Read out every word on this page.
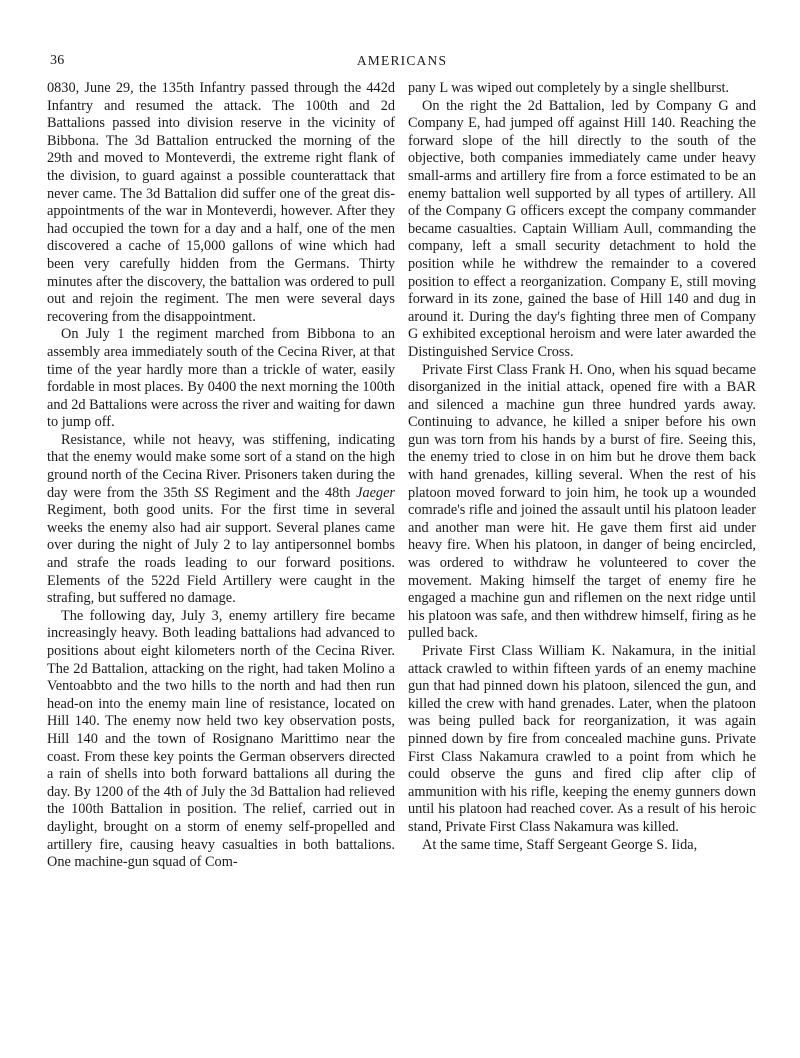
36	AMERICANS

0830, June 29, the 135th Infantry passed through the 442d Infantry and resumed the attack. The 100th and 2d Battalions passed into division reserve in the vicinity of Bibbona. The 3d Battalion entrucked the morning of the 29th and moved to Monteverdi, the extreme right flank of the division, to guard against a possible counterattack that never came. The 3d Battalion did suffer one of the great disappointments of the war in Monteverdi, however. After they had occupied the town for a day and a half, one of the men discovered a cache of 15,000 gallons of wine which had been very carefully hidden from the Germans. Thirty minutes after the discovery, the battalion was ordered to pull out and rejoin the regiment. The men were several days recovering from the disappointment.

On July 1 the regiment marched from Bibbona to an assembly area immediately south of the Cecina River, at that time of the year hardly more than a trickle of water, easily fordable in most places. By 0400 the next morning the 100th and 2d Battalions were across the river and waiting for dawn to jump off.

Resistance, while not heavy, was stiffening, indicating that the enemy would make some sort of a stand on the high ground north of the Cecina River. Prisoners taken during the day were from the 35th SS Regiment and the 48th Jaeger Regiment, both good units. For the first time in several weeks the enemy also had air support. Several planes came over during the night of July 2 to lay antipersonnel bombs and strafe the roads leading to our forward positions. Elements of the 522d Field Artillery were caught in the strafing, but suffered no damage.

The following day, July 3, enemy artillery fire became increasingly heavy. Both leading battalions had advanced to positions about eight kilometers north of the Cecina River. The 2d Battalion, attacking on the right, had taken Molino a Ventoabbto and the two hills to the north and had then run head-on into the enemy main line of resistance, located on Hill 140. The enemy now held two key observation posts, Hill 140 and the town of Rosignano Marittimo near the coast. From these key points the German observers directed a rain of shells into both forward battalions all during the day. By 1200 of the 4th of July the 3d Battalion had relieved the 100th Battalion in position. The relief, carried out in daylight, brought on a storm of enemy self-propelled and artillery fire, causing heavy casualties in both battalions. One machine-gun squad of Com-

pany L was wiped out completely by a single shellburst.

On the right the 2d Battalion, led by Company G and Company E, had jumped off against Hill 140. Reaching the forward slope of the hill directly to the south of the objective, both companies immediately came under heavy small-arms and artillery fire from a force estimated to be an enemy battalion well supported by all types of artillery. All of the Company G officers except the company commander became casualties. Captain William Aull, commanding the company, left a small security detachment to hold the position while he withdrew the remainder to a covered position to effect a reorganization. Company E, still moving forward in its zone, gained the base of Hill 140 and dug in around it. During the day's fighting three men of Company G exhibited exceptional heroism and were later awarded the Distinguished Service Cross.

Private First Class Frank H. Ono, when his squad became disorganized in the initial attack, opened fire with a BAR and silenced a machine gun three hundred yards away. Continuing to advance, he killed a sniper before his own gun was torn from his hands by a burst of fire. Seeing this, the enemy tried to close in on him but he drove them back with hand grenades, killing several. When the rest of his platoon moved forward to join him, he took up a wounded comrade's rifle and joined the assault until his platoon leader and another man were hit. He gave them first aid under heavy fire. When his platoon, in danger of being encircled, was ordered to withdraw he volunteered to cover the movement. Making himself the target of enemy fire he engaged a machine gun and riflemen on the next ridge until his platoon was safe, and then withdrew himself, firing as he pulled back.

Private First Class William K. Nakamura, in the initial attack crawled to within fifteen yards of an enemy machine gun that had pinned down his platoon, silenced the gun, and killed the crew with hand grenades. Later, when the platoon was being pulled back for reorganization, it was again pinned down by fire from concealed machine guns. Private First Class Nakamura crawled to a point from which he could observe the guns and fired clip after clip of ammunition with his rifle, keeping the enemy gunners down until his platoon had reached cover. As a result of his heroic stand, Private First Class Nakamura was killed.

At the same time, Staff Sergeant George S. Iida,
